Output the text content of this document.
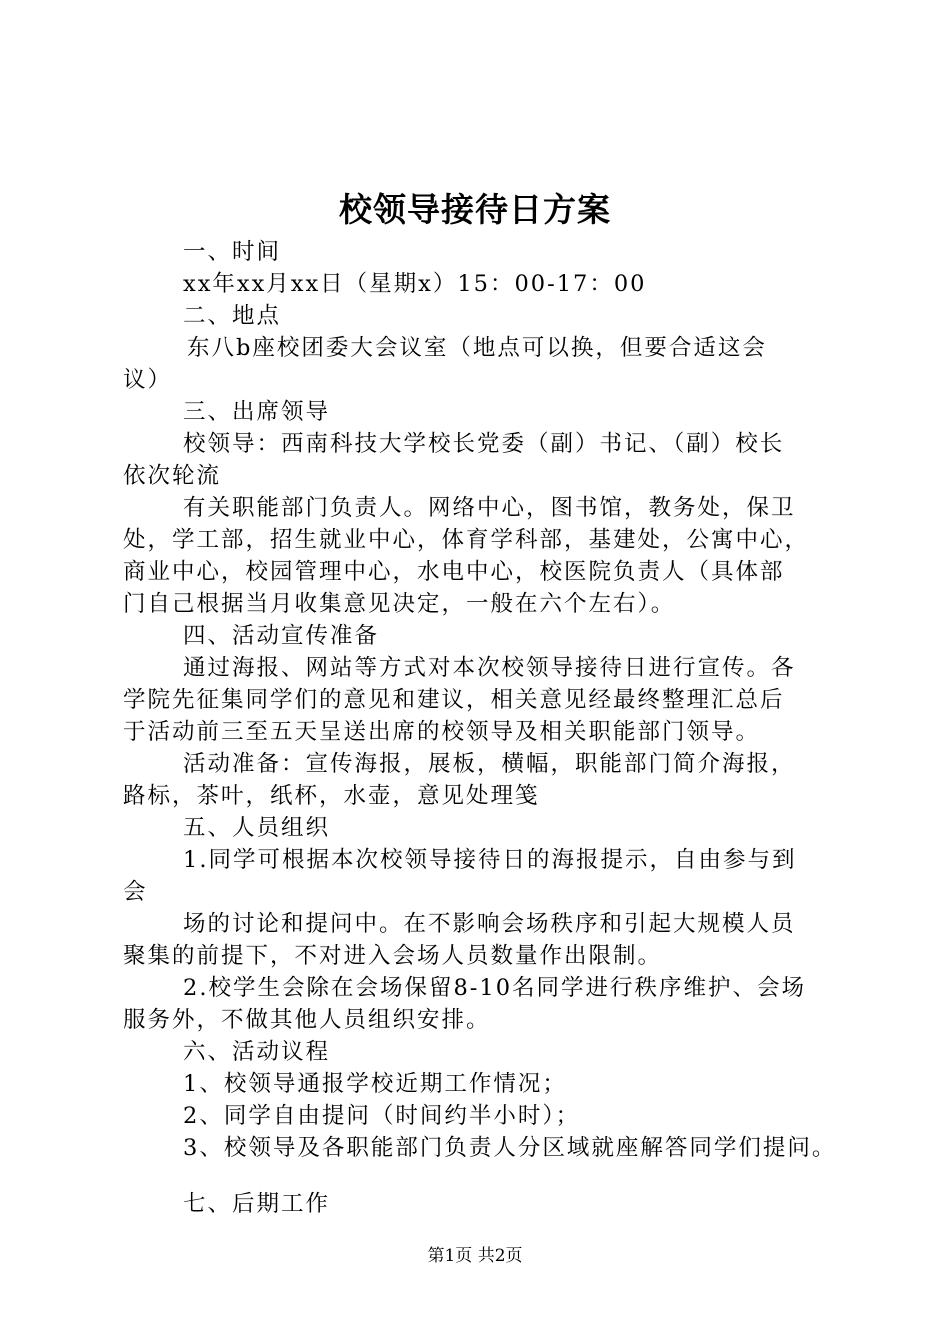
校领导接待日方案
一、时间
xx年xx月xx日（星期x）15：00-17：00
二、地点
东八b座校团委大会议室（地点可以换，但要合适这会
议）
三、出席领导
校领导：西南科技大学校长党委（副）书记、（副）校长
依次轮流
有关职能部门负责人。网络中心，图书馆，教务处，保卫
处，学工部，招生就业中心，体育学科部，基建处，公寓中心，
商业中心，校园管理中心，水电中心，校医院负责人（具体部
门自己根据当月收集意见决定，一般在六个左右）。
四、活动宣传准备
通过海报、网站等方式对本次校领导接待日进行宣传。各
学院先征集同学们的意见和建议，相关意见经最终整理汇总后
于活动前三至五天呈送出席的校领导及相关职能部门领导。
活动准备：宣传海报，展板，横幅，职能部门简介海报，
路标，茶叶，纸杯，水壶，意见处理笺
五、人员组织
1.同学可根据本次校领导接待日的海报提示，自由参与到
会
场的讨论和提问中。在不影响会场秩序和引起大规模人员
聚集的前提下，不对进入会场人员数量作出限制。
2.校学生会除在会场保留8-10名同学进行秩序维护、会场
服务外，不做其他人员组织安排。
六、活动议程
1、校领导通报学校近期工作情况；
2、同学自由提问（时间约半小时）；
3、校领导及各职能部门负责人分区域就座解答同学们提问。
七、后期工作
第1页 共2页
